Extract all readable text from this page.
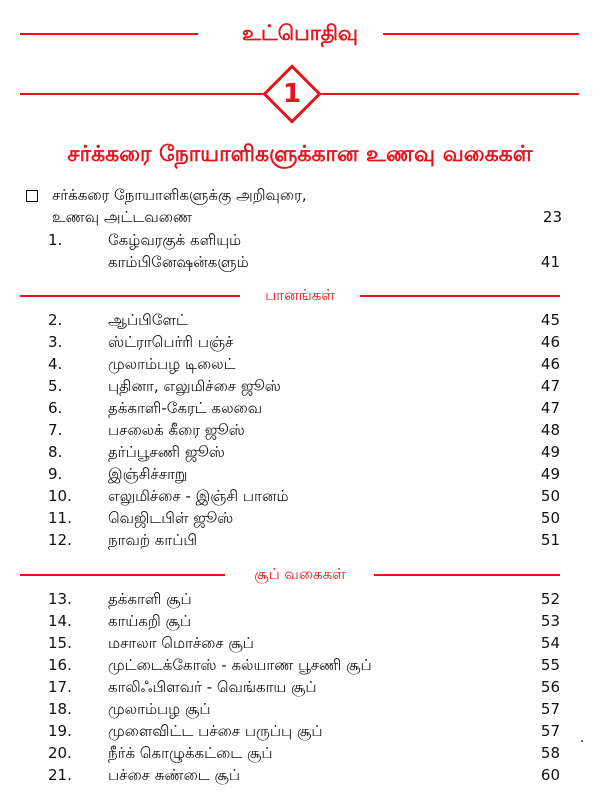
உட்பொதிவு
1
சர்க்கரை நோயாளிகளுக்கான உணவு வகைகள்
சர்க்கரை நோயாளிகளுக்கு அறிவுரை,
உணவு அட்டவணை	23
1.	கேழ்வரகுக் களியும்
காம்பினேஷன்களும்	41
பானங்கள்
2.	ஆப்பிளேட்	45
3.	ஸ்ட்ராபெர்ரி பஞ்ச்	46
4.	முலாம்பழ டிலைட்	46
5.	புதினா, எலுமிச்சை ஜூஸ்	47
6.	தக்காளி-கேரட் கலவை	47
7.	பசலைக் கீரை ஜூஸ்	48
8.	தர்ப்பூசணி ஜூஸ்	49
9.	இஞ்சிச்சாறு	49
10.	எலுமிச்சை - இஞ்சி பானம்	50
11.	வெஜிடபிள் ஜூஸ்	50
12.	நாவற் காப்பி	51
சூப் வகைகள்
13.	தக்காளி சூப்	52
14.	காய்கறி சூப்	53
15.	மசாலா மொச்சை சூப்	54
16.	முட்டைக்கோஸ் - கல்யாண பூசணி சூப்	55
17.	காலிஃபிளவர் - வெங்காய சூப்	56
18.	முலாம்பழ சூப்	57
19.	முளைவிட்ட பச்சை பருப்பு சூப்	57
20.	நீர்க் கொழுக்கட்டை சூப்	58
21.	பச்சை சுண்டை சூப்	60
